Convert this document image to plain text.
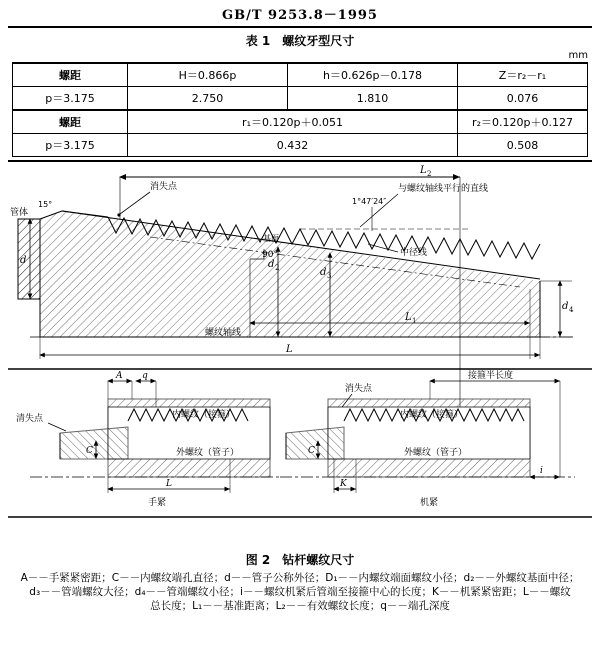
GB/T 9253.8－1995
表 1　螺纹牙型尺寸
mm
螺距	H＝0.866p	h＝0.626p－0.178	Z＝r₂－r₁
p＝3.175	2.750	1.810	0.076
螺距	r₁＝0.120p＋0.051		r₂＝0.120p＋0.127
p＝3.175	0.432		0.508
L 2
15°
管体
消失点
1°47′24″
与螺纹轴线平行的直线
90°
基面
中径线
d	d 2	d 3
d 4
螺纹轴线
L 1
L
A q
清失点	内螺纹（接箍）
外螺纹（管子）
C
L
手紧
接箍半长度
消失点
内螺纹（接箍）
外螺纹（管子）
C
K
i
机紧
图 2　钻杆螺纹尺寸
A－－手紧紧密距；C－－内螺纹端孔直径；d－－管子公称外径；D₁－－内螺纹端面螺纹小径；d₂－－外螺纹基面中径；
d₃－－管端螺纹大径；d₄－－管端螺纹小径；i－－螺纹机紧后管端至接箍中心的长度；K－－机紧紧密距；L－－螺纹
总长度；L₁－－基准距离；L₂－－有效螺纹长度；q－－端孔深度
